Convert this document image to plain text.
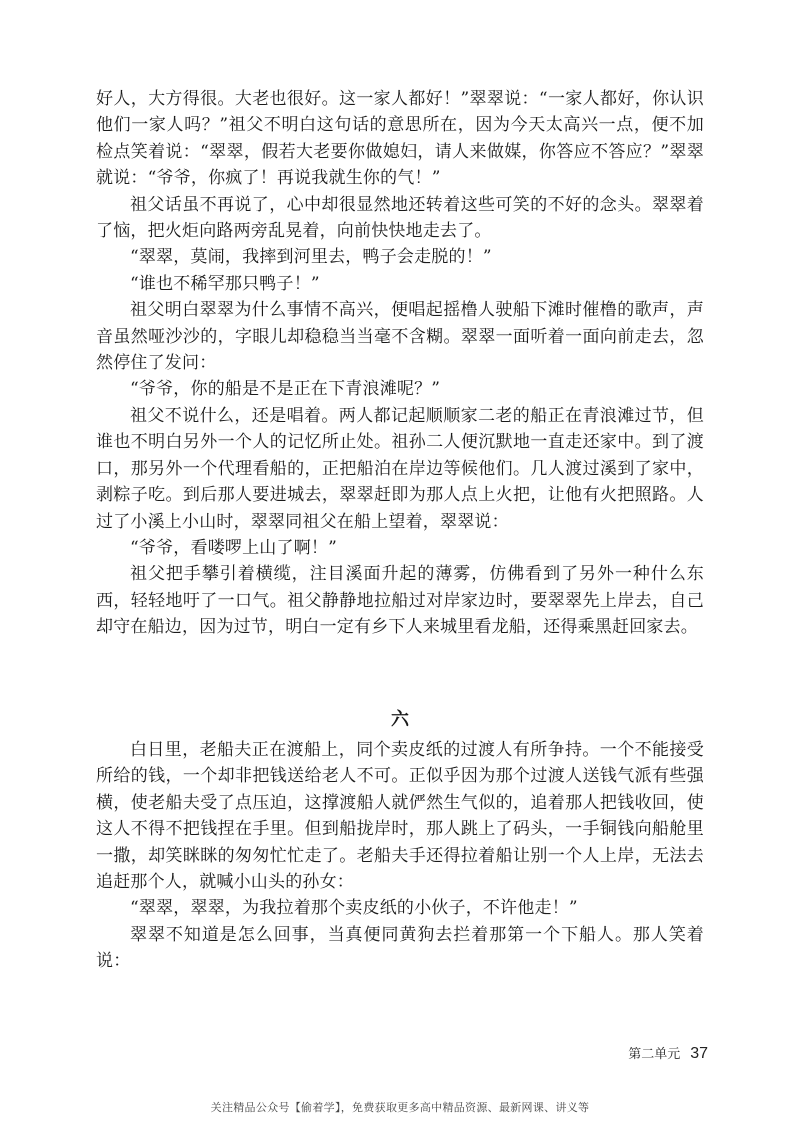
好人，大方得很。大老也很好。这一家人都好！”翠翠说：“一家人都好，你认识他们一家人吗？”祖父不明白这句话的意思所在，因为今天太高兴一点，便不加检点笑着说：“翠翠，假若大老要你做媳妇，请人来做媒，你答应不答应？”翠翠就说：“爷爷，你疯了！再说我就生你的气！”

祖父话虽不再说了，心中却很显然地还转着这些可笑的不好的念头。翠翠着了恼，把火炬向路两旁乱晃着，向前快快地走去了。

“翠翠，莫闹，我摔到河里去，鸭子会走脱的！”

“谁也不稀罕那只鸭子！”

祖父明白翠翠为什么事情不高兴，便唱起摇橹人驶船下滩时催橹的歌声，声音虽然哑沙沙的，字眼儿却稳稳当当毫不含糊。翠翠一面听着一面向前走去，忽然停住了发问：

“爷爷，你的船是不是正在下青浪滩呢？”

祖父不说什么，还是唱着。两人都记起顺顺家二老的船正在青浪滩过节，但谁也不明白另外一个人的记忆所止处。祖孙二人便沉默地一直走还家中。到了渡口，那另外一个代理看船的，正把船泊在岸边等候他们。几人渡过溪到了家中，剥粽子吃。到后那人要进城去，翠翠赶即为那人点上火把，让他有火把照路。人过了小溪上小山时，翠翠同祖父在船上望着，翠翠说：

“爷爷，看喽啰上山了啊！”

祖父把手攀引着横缆，注目溪面升起的薄雾，仿佛看到了另外一种什么东西，轻轻地吁了一口气。祖父静静地拉船过对岸家边时，要翠翠先上岸去，自己却守在船边，因为过节，明白一定有乡下人来城里看龙船，还得乘黑赶回家去。

六

白日里，老船夫正在渡船上，同个卖皮纸的过渡人有所争持。一个不能接受所给的钱，一个却非把钱送给老人不可。正似乎因为那个过渡人送钱气派有些强横，使老船夫受了点压迫，这撑渡船人就俨然生气似的，追着那人把钱收回，使这人不得不把钱捏在手里。但到船拢岸时，那人跳上了码头，一手铜钱向船舱里一撒，却笑眯眯的匆匆忙忙走了。老船夫手还得拉着船让别一个人上岸，无法去追赶那个人，就喊小山头的孙女：

“翠翠，翠翠，为我拉着那个卖皮纸的小伙子，不许他走！”

翠翠不知道是怎么回事，当真便同黄狗去拦着那第一个下船人。那人笑着说：

第二单元 37
关注精品公众号【偷着学】，免费获取更多高中精品资源、最新网课、讲义等
